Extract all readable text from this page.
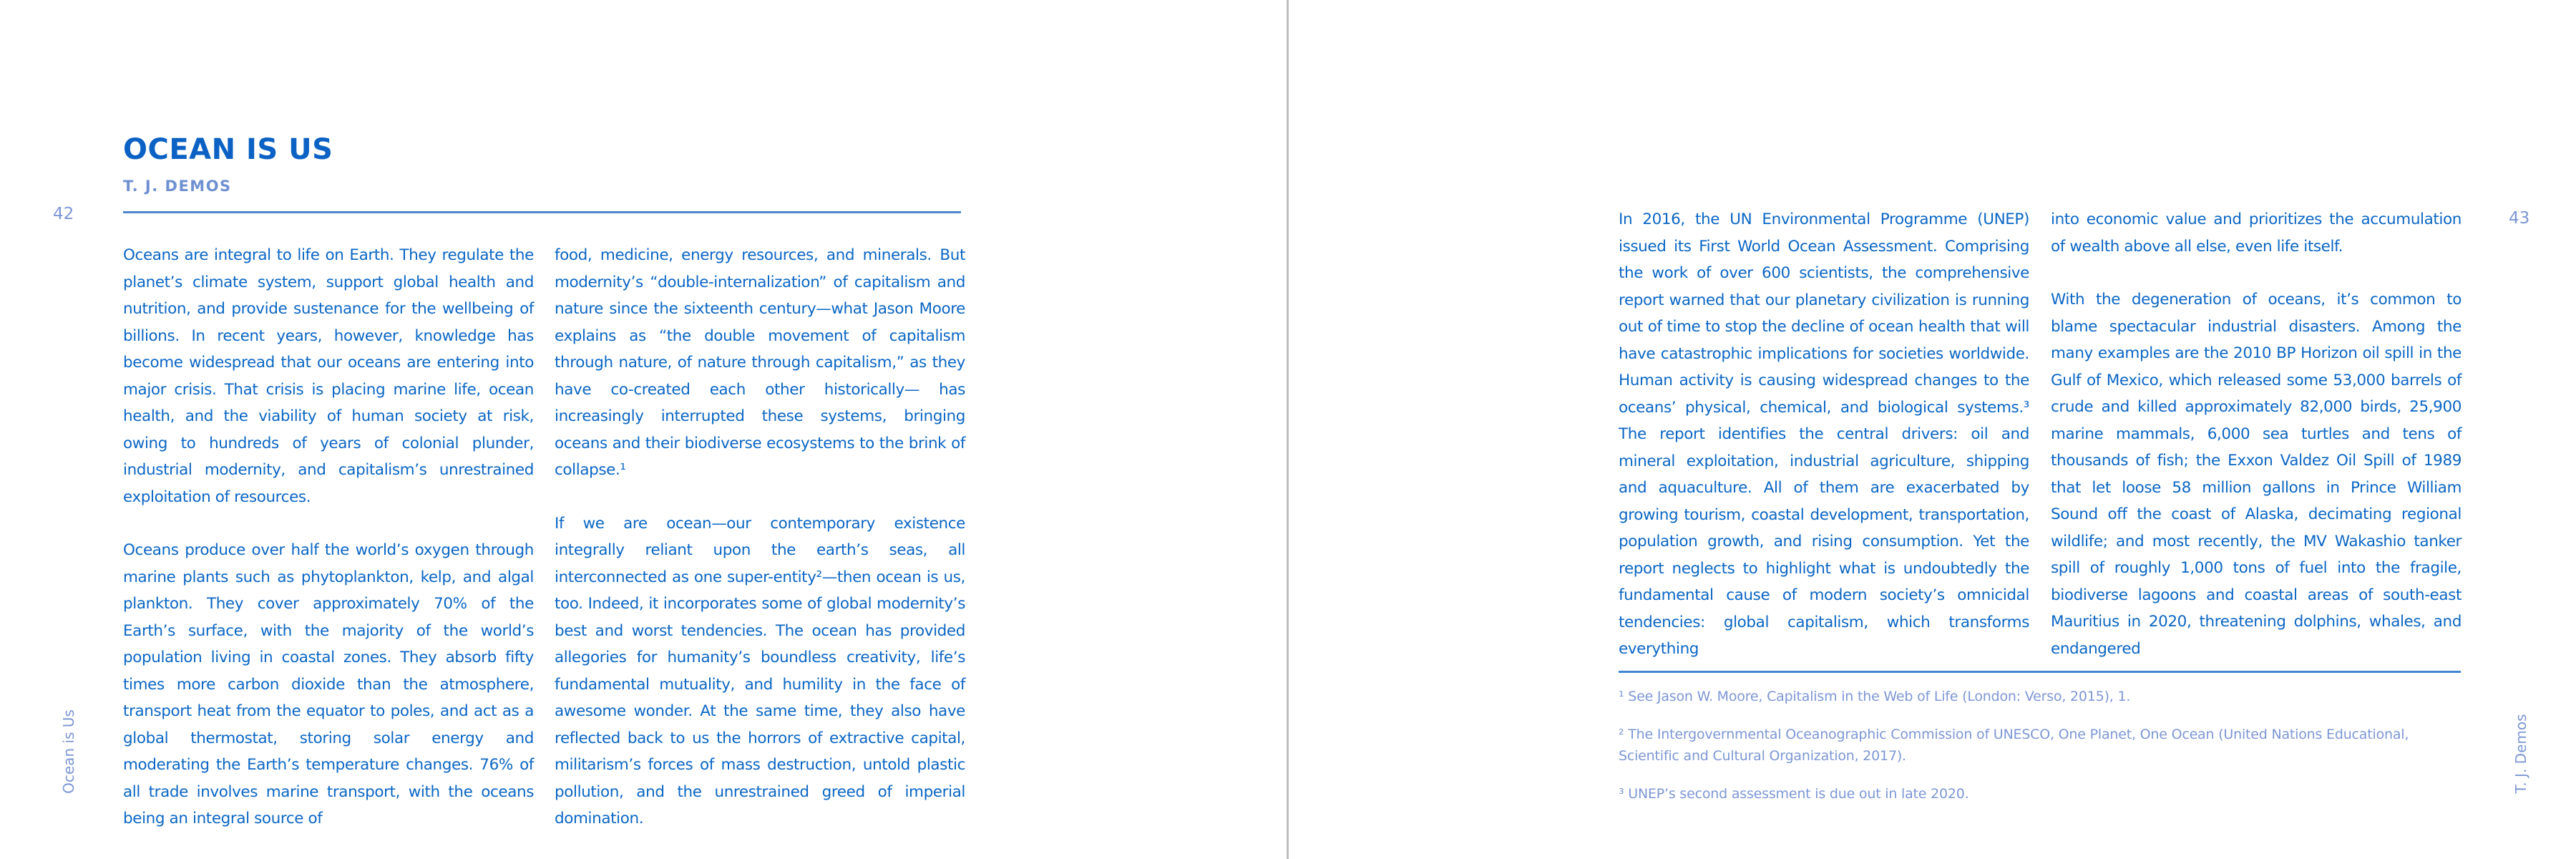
42
OCEAN IS US
T. J. DEMOS

Oceans are integral to life on Earth. They regulate the planet’s climate system, support global health and nutrition, and provide sustenance for the wellbeing of billions. In recent years, however, knowledge has become widespread that our oceans are entering into major crisis. That crisis is placing marine life, ocean health, and the viability of human society at risk, owing to hundreds of years of colonial plunder, industrial modernity, and capitalism’s unrestrained exploitation of resources.

Oceans produce over half the world’s oxygen through marine plants such as phytoplankton, kelp, and algal plankton. They cover approximately 70% of the Earth’s surface, with the majority of the world’s population living in coastal zones. They absorb fifty times more carbon dioxide than the atmosphere, transport heat from the equator to poles, and act as a global thermostat, storing solar energy and moderating the Earth’s temperature changes. 76% of all trade involves marine transport, with the oceans being an integral source of

food, medicine, energy resources, and minerals. But modernity’s “double-internalization” of capitalism and nature since the sixteenth century—what Jason Moore explains as “the double movement of capitalism through nature, of nature through capitalism,” as they have co-created each other historically— has increasingly interrupted these systems, bringing oceans and their biodiverse ecosystems to the brink of collapse.¹

If we are ocean—our contemporary existence integrally reliant upon the earth’s seas, all interconnected as one super-entity²—then ocean is us, too. Indeed, it incorporates some of global modernity’s best and worst tendencies. The ocean has provided allegories for humanity’s boundless creativity, life’s fundamental mutuality, and humility in the face of awesome wonder. At the same time, they also have reflected back to us the horrors of extractive capital, militarism’s forces of mass destruction, untold plastic pollution, and the unrestrained greed of imperial domination.

Ocean is Us
43

In 2016, the UN Environmental Programme (UNEP) issued its First World Ocean Assessment. Comprising the work of over 600 scientists, the comprehensive report warned that our planetary civilization is running out of time to stop the decline of ocean health that will have catastrophic implications for societies worldwide. Human activity is causing widespread changes to the oceans’ physical, chemical, and biological systems.³ The report identifies the central drivers: oil and mineral exploitation, industrial agriculture, shipping and aquaculture. All of them are exacerbated by growing tourism, coastal development, transportation, population growth, and rising consumption. Yet the report neglects to highlight what is undoubtedly the fundamental cause of modern society’s omnicidal tendencies: global capitalism, which transforms everything

into economic value and prioritizes the accumulation of wealth above all else, even life itself.

With the degeneration of oceans, it’s common to blame spectacular industrial disasters. Among the many examples are the 2010 BP Horizon oil spill in the Gulf of Mexico, which released some 53,000 barrels of crude and killed approximately 82,000 birds, 25,900 marine mammals, 6,000 sea turtles and tens of thousands of fish; the Exxon Valdez Oil Spill of 1989 that let loose 58 million gallons in Prince William Sound off the coast of Alaska, decimating regional wildlife; and most recently, the MV Wakashio tanker spill of roughly 1,000 tons of fuel into the fragile, biodiverse lagoons and coastal areas of south-east Mauritius in 2020, threatening dolphins, whales, and endangered

¹ See Jason W. Moore, Capitalism in the Web of Life (London: Verso, 2015), 1.

² The Intergovernmental Oceanographic Commission of UNESCO, One Planet, One Ocean (United Nations Educational, Scientific and Cultural Organization, 2017).

³ UNEP’s second assessment is due out in late 2020.

T. J. Demos
